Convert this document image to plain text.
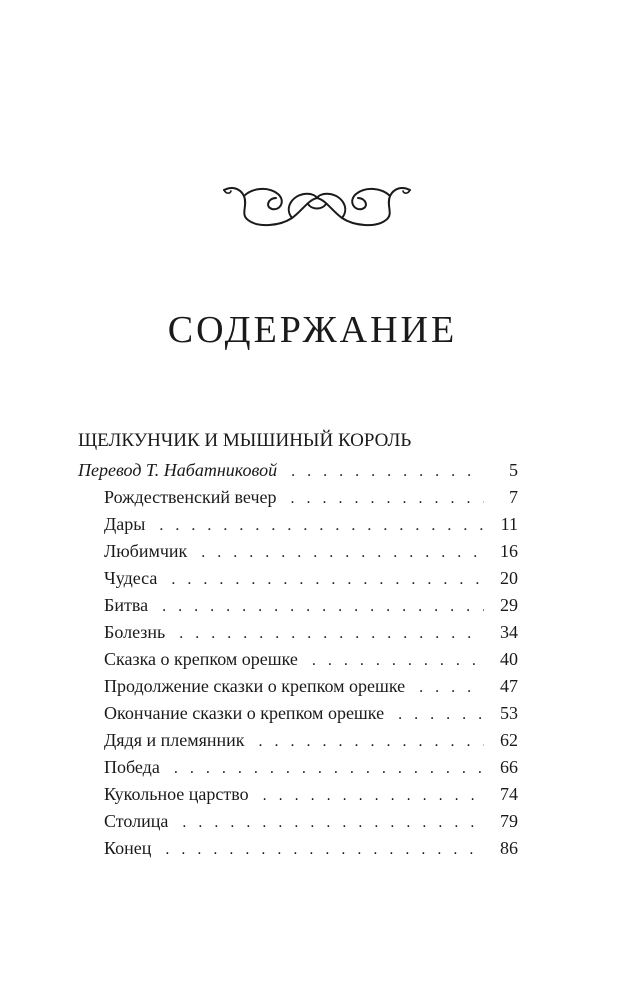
СОДЕРЖАНИЕ
ЩЕЛКУНЧИК И МЫШИНЫЙ КОРОЛЬ
Перевод Т. Набатниковой . . .	5
Рождественский вечер . . .	7
Дары . . .	11
Любимчик . . .	16
Чудеса . . .	20
Битва . . .	29
Болезнь . . .	34
Сказка о крепком орешке . . .	40
Продолжение сказки о крепком орешке . . .	47
Окончание сказки о крепком орешке . . .	53
Дядя и племянник . . .	62
Победа . . .	66
Кукольное царство . . .	74
Столица . . .	79
Конец . . .	86
